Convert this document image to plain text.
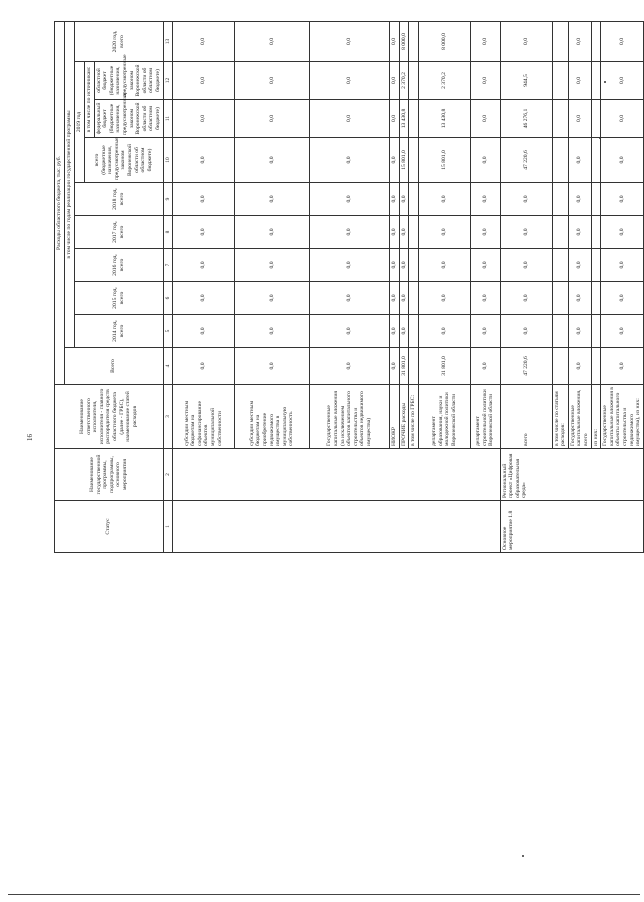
16
Статус	Наименование государственной программы, подпрограммы, основного мероприятия	Наименование ответственного исполнителя, исполнителя - главного распорядителя средств областного бюджета (далее - ГРБС), наименование статей расходов	Расходы областного бюджета, тыс. руб.									
			Всего	в том числе по годам реализации государственной программы								
				2014 год, всего	2015 год, всего	2016 год, всего	2017 год, всего	2018 год, всего	2019 год			2020 год, всего
									всего (бюджетные назначения, предусмотренные законом Воронежской области об областном бюджете)	в том числе по источникам:		
										федеральный бюджет (бюджетные назначения, предусмотренные законом Воронежской области об областном бюджете)	областной бюджет (бюджетные назначения, предусмотренные законом Воронежской области об областном бюджете)	
1	2	3	4	5	6	7	8	9	10	11	12	13
		субсидии местным бюджетам на софинансирование объектов муниципальной собственности	0,0	0,0	0,0	0,0	0,0	0,0	0,0	0,0	0,0	0,0
		субсидии местным бюджетам на приобретение недвижимого имущества в муниципальную собственность	0,0	0,0	0,0	0,0	0,0	0,0	0,0	0,0	0,0	0,0
		Государственные капитальные вложения (за исключением объектов капитального строительства и объектов недвижимого имущества)	0,0	0,0	0,0	0,0	0,0	0,0	0,0	0,0	0,0	0,0
		НИОКР	0,0	0,0	0,0	0,0	0,0	0,0	0,0	0,0	0,0	0,0
		ПРОЧИЕ расходы	31 801,0	0,0	0,0	0,0	0,0	0,0	15 801,0	13 430,8	2 370,2	8 000,0
		в том числе по ГРБС:										
		департамент образования, науки и молодежной политики Воронежской области	31 801,0	0,0	0,0	0,0	0,0	0,0	15 801,0	13 430,8	2 370,2	8 000,0
		департамент строительной политики Воронежской области	0,0	0,0	0,0	0,0	0,0	0,0	0,0	0,0	0,0	0,0
Основное мероприятие 1.8	Региональный проект «Цифровая образовательная среда»	всего	47 220,6	0,0	0,0	0,0	0,0	0,0	47 220,6	46 276,1	944,5	0,0
		в том числе по статьям расходов:										
		Государственные капитальные вложения, всего	0,0	0,0	0,0	0,0	0,0	0,0	0,0	0,0	0,0	0,0
		из них:										
		Государственные капитальные вложения в объекты капитального строительства и недвижимого имущества), из них:	0,0	0,0	0,0	0,0	0,0	0,0	0,0	0,0	0,0	0,0
